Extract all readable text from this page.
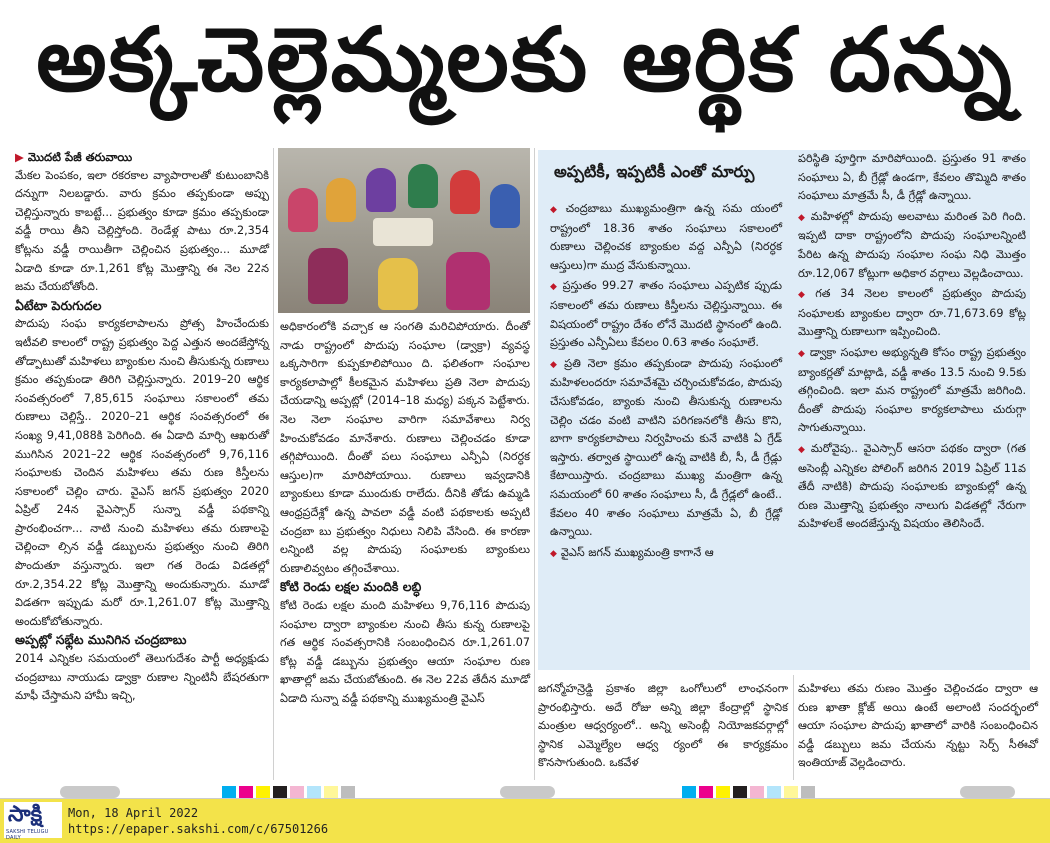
అక్కచెల్లెమ్మలకు ఆర్థిక దన్ను

▶ మొదటి పేజీ తరువాయి

మేకల పెంపకం, ఇలా రకరకాల వ్యాపారాలతో కుటుంబానికి దన్నుగా నిలబడ్డారు. వారు క్రమం తప్పకుండా అప్పు చెల్లిస్తున్నారు కాబట్టే... ప్రభుత్వం కూడా క్రమం తప్పకుండా వడ్డీ రాయి తీని చెల్లిస్తోంది. రెండేళ్ల పాటు రూ.2,354 కోట్లను వడ్డీ రాయితీగా చెల్లించిన ప్రభుత్వం... మూడో ఏడాది కూడా రూ.1,261 కోట్ల మొత్తాన్ని ఈ నెల 22న జమ చేయబోతోంది.

ఏటేటా పెరుగుదల

పొదుపు సంఘ కార్యకలాపాలను ప్రోత్స హించేందుకు ఇటీవలి కాలంలో రాష్ట్ర ప్రభుత్వం పెద్ద ఎత్తున అందజేస్తోన్న తోడ్పాటుతో మహిళలు బ్యాంకుల నుంచి తీసుకున్న రుణాలు క్రమం తప్పకుండా తిరిగి చెల్లిస్తున్నారు. 2019–20 ఆర్థిక సంవత్సరంలో 7,85,615 సంఘాలు సకాలంలో తమ రుణాలు చెల్లిస్తే.. 2020–21 ఆర్థిక సంవత్సరంలో ఈ సంఖ్య 9,41,088కి పెరిగింది. ఈ ఏడాది మార్చి ఆఖరుతో ముగిసిన 2021–22 ఆర్థిక సంవత్సరంలో 9,76,116 సంఘాలకు చెందిన మహిళలు తమ రుణ కిస్తీలను సకాలంలో చెల్లిం చారు. వైఎస్ జగన్ ప్రభుత్వం 2020 ఏప్రిల్ 24న వైఎస్సార్ సున్నా వడ్డీ పథకాన్ని ప్రారంభించగా... నాటి నుంచి మహిళలు తమ రుణాలపై చెల్లించా ల్సిన వడ్డీ డబ్బులను ప్రభుత్వం నుంచి తిరిగి పొందుతూ వస్తున్నారు. ఇలా గత రెండు విడతల్లో రూ.2,354.22 కోట్ల మొత్తాన్ని అందుకున్నారు. మూడో విడతగా ఇప్పుడు మరో రూ.1,261.07 కోట్ల మొత్తాన్ని అందుకోబోతున్నారు.

అప్పట్లో సభ్లేట మునిగిన చంద్రబాబు

2014 ఎన్నికల సమయంలో తెలుగుదేశం పార్టీ అధ్యక్షుడు చంద్రబాబు నాయుడు డ్వాక్రా రుణాల న్నింటినీ బేషరతుగా మాఫీ చేస్తామని హామీ ఇచ్చి,

అధికారంలోకి వచ్చాక ఆ సంగతి మరిచిపోయారు. దీంతో నాడు రాష్ట్రంలో పొదుపు సంఘాల (డ్వాక్రా) వ్యవస్థ ఒక్కసారిగా కుప్పకూలిపోయిం ది. ఫలితంగా సంఘాల కార్యకలాపాల్లో కీలకమైన మహిళలు ప్రతి నెలా పొదుపు చేయడాన్ని అప్పట్లో (2014–18 మధ్య) పక్కన పెట్టేశారు. నెల నెలా సంఘాల వారిగా సమావేశాలు నిర్వ హించుకోవడం మానేశారు. రుణాలు చెల్లించడం కూడా తగ్గిపోయింది. దీంతో పలు సంఘాలు ఎన్పీఏ (నిరర్ధక ఆస్తుల)గా మారిపోయాయి. రుణాలు ఇవ్వడానికి బ్యాంకులు కూడా ముందుకు రాలేదు. దీనికి తోడు ఉమ్మడి ఆంధ్రప్రదేశ్లో ఉన్న పావలా వడ్డీ వంటి పథకాలకు అప్పటి చంద్రబా బు ప్రభుత్వం నిధులు నిలిపి వేసింది. ఈ కారణా లన్నింటి వల్ల పొదుపు సంఘాలకు బ్యాంకులు రుణాలివ్వటం తగ్గించేశాయి.

కోటి రెండు లక్షల మందికి లబ్ధి

కోటి రెండు లక్షల మంది మహిళలు 9,76,116 పొదుపు సంఘాల ద్వారా బ్యాంకుల నుంచి తీసు కున్న రుణాలపై గత ఆర్థిక సంవత్సరానికి సంబంధించిన రూ.1,261.07 కోట్ల వడ్డీ డబ్బును ప్రభుత్వం ఆయా సంఘాల రుణ ఖాతాల్లో జమ చేయబోతుంది. ఈ నెల 22వ తేదీన మూడో ఏడాది సున్నా వడ్డీ పథకాన్ని ముఖ్యమంత్రి వైఎస్

అప్పటికీ, ఇప్పటికీ ఎంతో మార్పు

◆ చంద్రబాబు ముఖ్యమంత్రిగా ఉన్న సమ యంలో రాష్ట్రంలో 18.36 శాతం సంఘాలు సకాలంలో రుణాలు చెల్లించక బ్యాంకుల వద్ద ఎన్పీఏ (నిరర్ధక ఆస్తులు)గా ముద్ర వేసుకున్నాయి.

◆ ప్రస్తుతం 99.27 శాతం సంఘాలు ఎప్పటిక ప్పుడు సకాలంలో తమ రుణాలు కిస్తీలను చెల్లిస్తున్నాయి. ఈ విషయంలో రాష్ట్రం దేశం లోనే మొదటి స్థానంలో ఉంది. ప్రస్తుతం ఎన్పీఏలు కేవలం 0.63 శాతం సంఘాలే.

◆ ప్రతి నెలా క్రమం తప్పకుండా పొదుపు సంఘంలో మహిళలందరూ సమావేశమై చర్చించుకోవడం, పొదుపు చేసుకోవడం, బ్యాంకు నుంచి తీసుకున్న రుణాలను చెల్లిం చడం వంటి వాటిని పరిగణనలోకి తీసు కొని, బాగా కార్యకలాపాలు నిర్వహించు కునే వాటికి ఏ గ్రేడ్ ఇస్తారు. తర్వాత స్థాయిలో ఉన్న వాటికి బీ, సీ, డీ గ్రేడ్లు కేటాయిస్తారు. చంద్రబాబు ముఖ్య మంత్రిగా ఉన్న సమయంలో 60 శాతం సంఘాలు సీ, డీ గ్రేడ్లలో ఉంటే.. కేవలం 40 శాతం సంఘాలు మాత్రమే ఏ, బీ గ్రేడ్లో ఉన్నాయి.

◆ వైఎస్ జగన్ ముఖ్యమంత్రి కాగానే ఆ

పరిస్థితి పూర్తిగా మారిపోయింది. ప్రస్తుతం 91 శాతం సంఘాలు ఏ, బీ గ్రేడ్లో ఉండగా, కేవలం తొమ్మిది శాతం సంఘాలు మాత్రమే సీ, డీ గ్రేడ్లో ఉన్నాయి.

◆ మహిళల్లో పొదుపు అలవాటు మరింత పెరి గింది. ఇప్పటి దాకా రాష్ట్రంలోని పొదుపు సంఘాలన్నింటి పేరిట ఉన్న పొదుపు సంఘాల సంఘ నిధి మొత్తం రూ.12,067 కోట్లుగా అధికార వర్గాలు వెల్లడించాయి.

◆ గత 34 నెలల కాలంలో ప్రభుత్వం పొదుపు సంఘాలకు బ్యాంకుల ద్వారా రూ.71,673.69 కోట్ల మొత్తాన్ని రుణాలుగా ఇప్పించింది.

◆ డ్వాక్రా సంఘాల అభ్యున్నతి కోసం రాష్ట్ర ప్రభుత్వం బ్యాంకర్లతో మాట్లాడి, వడ్డీ శాతం 13.5 నుంచి 9.5కు తగ్గించింది. ఇలా మన రాష్ట్రంలో మాత్రమే జరిగింది. దీంతో పొదుపు సంఘాల కార్యకలాపాలు చురుగ్గా సాగుతున్నాయి.

◆ మరోవైపు.. వైఎస్సార్ ఆసరా పథకం ద్వారా (గత అసెంబ్లీ ఎన్నికల పోలింగ్ జరిగిన 2019 ఏప్రిల్ 11వ తేదీ నాటికి) పొదుపు సంఘాలకు బ్యాంకుల్లో ఉన్న రుణ మొత్తాన్ని ప్రభుత్వం నాలుగు విడతల్లో నేరుగా మహిళలకే అందజేస్తున్న విషయం తెలిసిందే.

జగన్మోహన్రెడ్డి ప్రకాశం జిల్లా ఒంగోలులో లాంఛనంగా ప్రారంభిస్తారు. అదే రోజు అన్ని జిల్లా కేంద్రాల్లో స్థానిక మంత్రుల ఆధ్వర్యంలో.. అన్ని అసెంబ్లీ నియోజకవర్గాల్లో స్థానిక ఎమ్మెల్యేల ఆధ్వ ర్యంలో ఈ కార్యక్రమం కొనసాగుతుంది. ఒకవేళ

మహిళలు తమ రుణం మొత్తం చెల్లించడం ద్వారా ఆ రుణ ఖాతా క్లోజ్ అయి ఉంటే అలాంటి సందర్భంలో ఆయా సంఘాల పొదుపు ఖాతాలో వారికి సంబంధించిన వడ్డీ డబ్బులు జమ చేయను న్నట్టు సెర్ప్ సీఈవో ఇంతియాజ్ వెల్లడించారు.

సాక్షి
SAKSHI TELUGU DAILY
Mon, 18 April 2022
https://epaper.sakshi.com/c/67501266
